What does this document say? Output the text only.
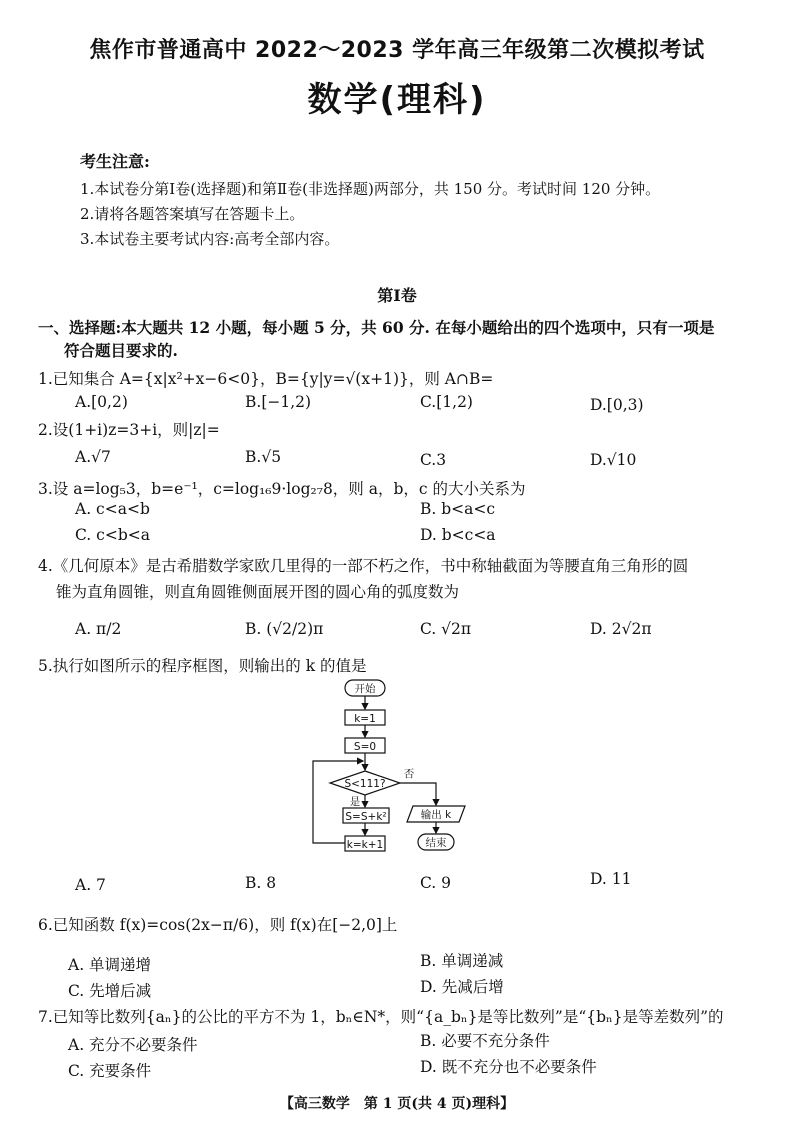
焦作市普通高中 2022～2023 学年高三年级第二次模拟考试
数学(理科)
考生注意:
1.本试卷分第Ⅰ卷(选择题)和第Ⅱ卷(非选择题)两部分，共 150 分。考试时间 120 分钟。
2.请将各题答案填写在答题卡上。
3.本试卷主要考试内容:高考全部内容。
第Ⅰ卷
一、选择题:本大题共 12 小题，每小题 5 分，共 60 分. 在每小题给出的四个选项中，只有一项是
符合题目要求的.
1.已知集合 A={x|x²+x−6<0}，B={y|y=√(x+1)}，则 A∩B=
A.[0,2)	B.[−1,2)	C.[1,2)	D.[0,3)
2.设(1+i)z=3+i，则|z|=
A.√7	B.√5	C.3	D.√10
3.设 a=log₅3，b=e⁻¹，c=log₁₆9·log₂₇8，则 a，b，c 的大小关系为
A. c<a<b	B. b<a<c
C. c<b<a	D. b<c<a
4.《几何原本》是古希腊数学家欧几里得的一部不朽之作，书中称轴截面为等腰直角三角形的圆
锥为直角圆锥，则直角圆锥侧面展开图的圆心角的弧度数为
A. π/2	B. (√2/2)π	C. √2π	D. 2√2π
5.执行如图所示的程序框图，则输出的 k 的值是
开始
k=1
S=0
S<111?
是
否
S=S+k²
k=k+1
输出 k
结束
A. 7	B. 8	C. 9	D. 11
6.已知函数 f(x)=cos(2x−π/6)，则 f(x)在[−2,0]上
A. 单调递增	B. 单调递减
C. 先增后减	D. 先减后增
7.已知等比数列{aₙ}的公比的平方不为 1，bₙ∈N*，则“{a_bₙ}是等比数列”是“{bₙ}是等差数列”的
A. 充分不必要条件	B. 必要不充分条件
C. 充要条件	D. 既不充分也不必要条件
【高三数学　第 1 页(共 4 页)理科】
